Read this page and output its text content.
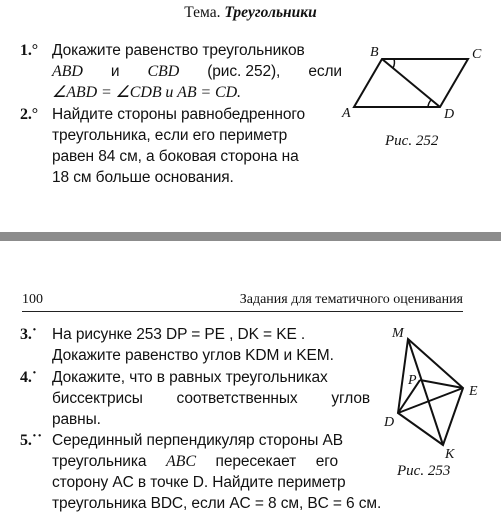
Тема. Треугольники
1.° Докажите равенство треугольников
ABD и CBD (рис. 252), если
∠ABD = ∠CDB и AB = CD.
2.° Найдите стороны равнобедренного
треугольника, если его периметр
равен 84 см, а боковая сторона на
18 см больше основания.
A
B	C
D
Рис. 252
100	Задания для тематичного оценивания
3.˙ На рисунке 253 DP = PE , DK = KE .
Докажите равенство углов KDM и KEM.
4.˙ Докажите, что в равных треугольниках
биссектрисы соответственных углов
равны.
5.˙˙ Серединный перпендикуляр стороны AB
треугольника ABC пересекает его
сторону AC в точке D. Найдите периметр
треугольника BDC, если AC = 8 см, BC = 6 см.
M
P
E
D
K
Рис. 253
